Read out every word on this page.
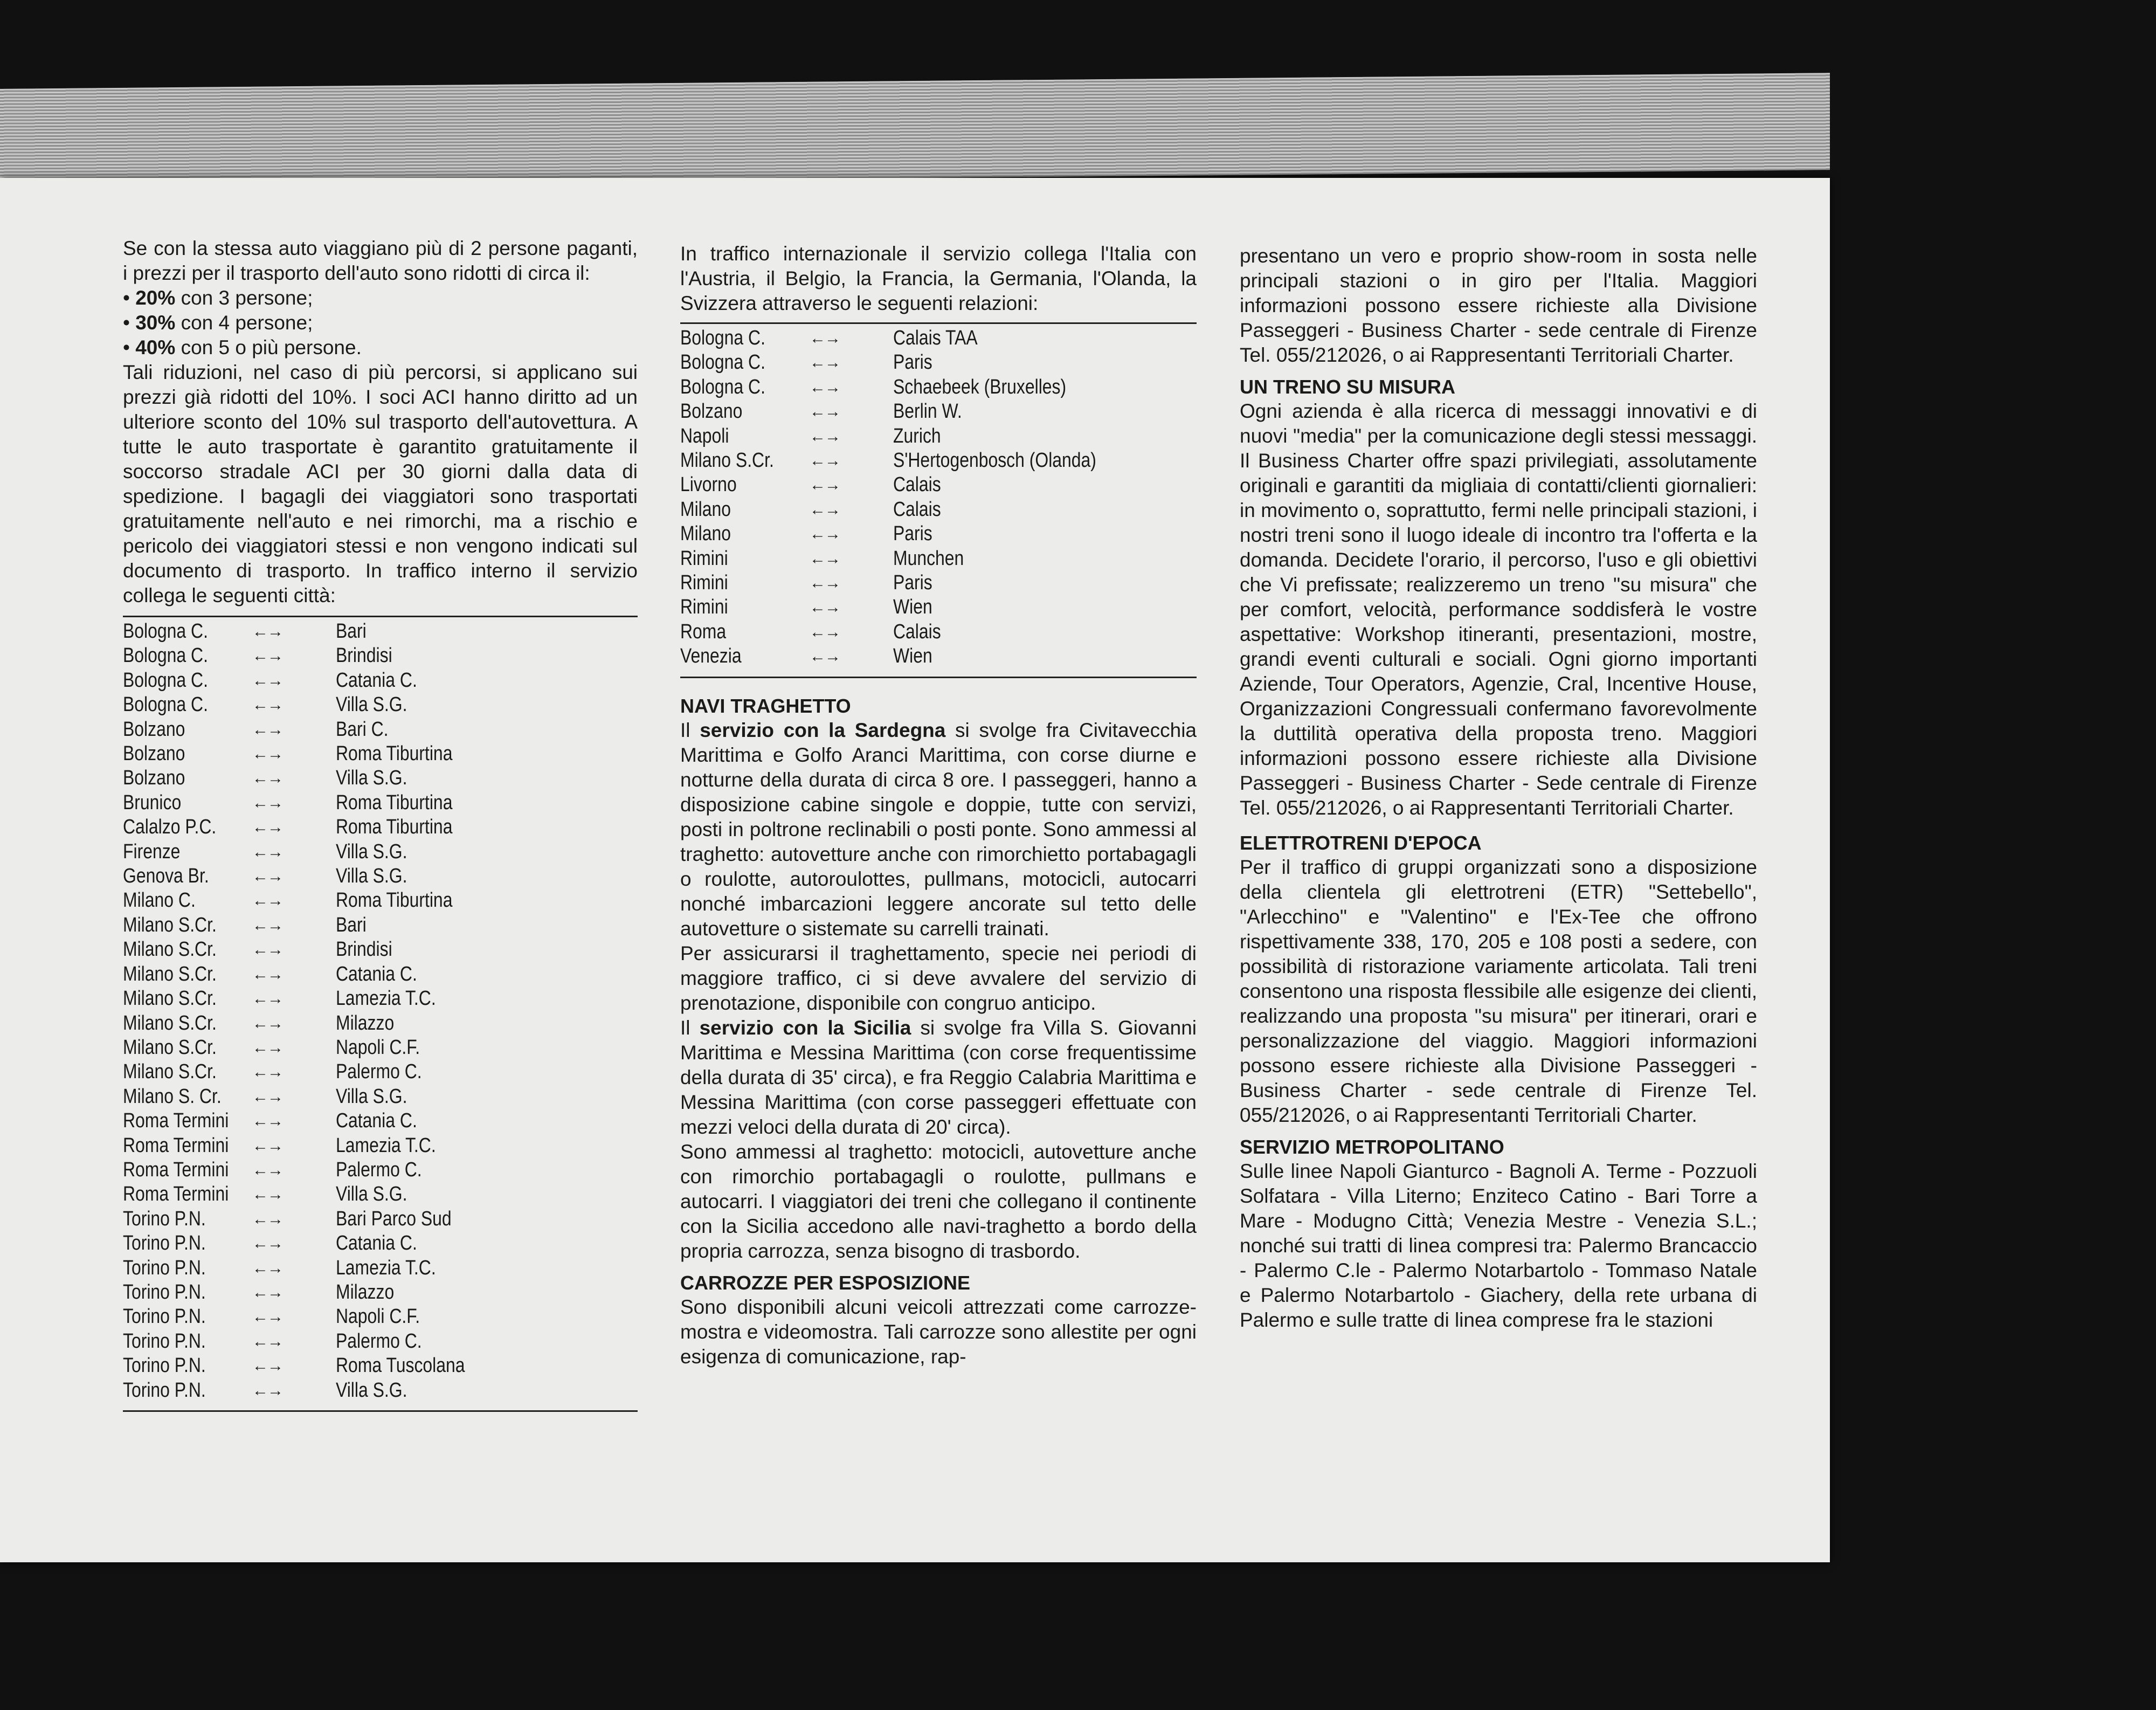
Se con la stessa auto viaggiano più di 2 persone paganti, i prezzi per il trasporto dell'auto sono ridotti di circa il:

• 20% con 3 persone;
• 30% con 4 persone;
• 40% con 5 o più persone.

Tali riduzioni, nel caso di più percorsi, si applicano sui prezzi già ridotti del 10%. I soci ACI hanno diritto ad un ulteriore sconto del 10% sul trasporto dell'autovettura. A tutte le auto trasportate è garantito gratuitamente il soccorso stradale ACI per 30 giorni dalla data di spedizione. I bagagli dei viaggiatori sono trasportati gratuitamente nell'auto e nei rimorchi, ma a rischio e pericolo dei viaggiatori stessi e non vengono indicati sul documento di trasporto. In traffico interno il servizio collega le seguenti città:

Bologna C.	←→	Bari
Bologna C.	←→	Brindisi
Bologna C.	←→	Catania C.
Bologna C.	←→	Villa S.G.
Bolzano	←→	Bari C.
Bolzano	←→	Roma Tiburtina
Bolzano	←→	Villa S.G.
Brunico	←→	Roma Tiburtina
Calalzo P.C.	←→	Roma Tiburtina
Firenze	←→	Villa S.G.
Genova Br.	←→	Villa S.G.
Milano C.	←→	Roma Tiburtina
Milano S.Cr.	←→	Bari
Milano S.Cr.	←→	Brindisi
Milano S.Cr.	←→	Catania C.
Milano S.Cr.	←→	Lamezia T.C.
Milano S.Cr.	←→	Milazzo
Milano S.Cr.	←→	Napoli C.F.
Milano S.Cr.	←→	Palermo C.
Milano S. Cr.	←→	Villa S.G.
Roma Termini	←→	Catania C.
Roma Termini	←→	Lamezia T.C.
Roma Termini	←→	Palermo C.
Roma Termini	←→	Villa S.G.
Torino P.N.	←→	Bari Parco Sud
Torino P.N.	←→	Catania C.
Torino P.N.	←→	Lamezia T.C.
Torino P.N.	←→	Milazzo
Torino P.N.	←→	Napoli C.F.
Torino P.N.	←→	Palermo C.
Torino P.N.	←→	Roma Tuscolana
Torino P.N.	←→	Villa S.G.

In traffico internazionale il servizio collega l'Italia con l'Austria, il Belgio, la Francia, la Germania, l'Olanda, la Svizzera attraverso le seguenti relazioni:

Bologna C.	←→	Calais TAA
Bologna C.	←→	Paris
Bologna C.	←→	Schaebeek (Bruxelles)
Bolzano	←→	Berlin W.
Napoli	←→	Zurich
Milano S.Cr.	←→	S'Hertogenbosch (Olanda)
Livorno	←→	Calais
Milano	←→	Calais
Milano	←→	Paris
Rimini	←→	Munchen
Rimini	←→	Paris
Rimini	←→	Wien
Roma	←→	Calais
Venezia	←→	Wien
NAVI TRAGHETTO

Il servizio con la Sardegna si svolge fra Civitavecchia Marittima e Golfo Aranci Marittima, con corse diurne e notturne della durata di circa 8 ore. I passeggeri, hanno a disposizione cabine singole e doppie, tutte con servizi, posti in poltrone reclinabili o posti ponte. Sono ammessi al traghetto: autovetture anche con rimorchietto portabagagli o roulotte, autoroulottes, pullmans, motocicli, autocarri nonché imbarcazioni leggere ancorate sul tetto delle autovetture o sistemate su carrelli trainati.

Per assicurarsi il traghettamento, specie nei periodi di maggiore traffico, ci si deve avvalere del servizio di prenotazione, disponibile con congruo anticipo.

Il servizio con la Sicilia si svolge fra Villa S. Giovanni Marittima e Messina Marittima (con corse frequentissime della durata di 35' circa), e fra Reggio Calabria Marittima e Messina Marittima (con corse passeggeri effettuate con mezzi veloci della durata di 20' circa).

Sono ammessi al traghetto: motocicli, autovetture anche con rimorchio portabagagli o roulotte, pullmans e autocarri. I viaggiatori dei treni che collegano il continente con la Sicilia accedono alle navi-traghetto a bordo della propria carrozza, senza bisogno di trasbordo.

CARROZZE PER ESPOSIZIONE

Sono disponibili alcuni veicoli attrezzati come carrozze-mostra e videomostra. Tali carrozze sono allestite per ogni esigenza di comunicazione, rap-

presentano un vero e proprio show-room in sosta nelle principali stazioni o in giro per l'Italia. Maggiori informazioni possono essere richieste alla Divisione Passeggeri - Business Charter - sede centrale di Firenze Tel. 055/212026, o ai Rappresentanti Territoriali Charter.

UN TRENO SU MISURA

Ogni azienda è alla ricerca di messaggi innovativi e di nuovi "media" per la comunicazione degli stessi messaggi. Il Business Charter offre spazi privilegiati, assolutamente originali e garantiti da migliaia di contatti/clienti giornalieri: in movimento o, soprattutto, fermi nelle principali stazioni, i nostri treni sono il luogo ideale di incontro tra l'offerta e la domanda. Decidete l'orario, il percorso, l'uso e gli obiettivi che Vi prefissate; realizzeremo un treno "su misura" che per comfort, velocità, performance soddisferà le vostre aspettative: Workshop itineranti, presentazioni, mostre, grandi eventi culturali e sociali. Ogni giorno importanti Aziende, Tour Operators, Agenzie, Cral, Incentive House, Organizzazioni Congressuali confermano favorevolmente la duttilità operativa della proposta treno. Maggiori informazioni possono essere richieste alla Divisione Passeggeri - Business Charter - Sede centrale di Firenze Tel. 055/212026, o ai Rappresentanti Territoriali Charter.

ELETTROTRENI D'EPOCA

Per il traffico di gruppi organizzati sono a disposizione della clientela gli elettrotreni (ETR) "Settebello", "Arlecchino" e "Valentino" e l'Ex-Tee che offrono rispettivamente 338, 170, 205 e 108 posti a sedere, con possibilità di ristorazione variamente articolata. Tali treni consentono una risposta flessibile alle esigenze dei clienti, realizzando una proposta "su misura" per itinerari, orari e personalizzazione del viaggio. Maggiori informazioni possono essere richieste alla Divisione Passeggeri - Business Charter - sede centrale di Firenze Tel. 055/212026, o ai Rappresentanti Territoriali Charter.

SERVIZIO METROPOLITANO

Sulle linee Napoli Gianturco - Bagnoli A. Terme - Pozzuoli Solfatara - Villa Literno; Enziteco Catino - Bari Torre a Mare - Modugno Città; Venezia Mestre - Venezia S.L.; nonché sui tratti di linea compresi tra: Palermo Brancaccio - Palermo C.le - Palermo Notarbartolo - Tommaso Natale e Palermo Notarbartolo - Giachery, della rete urbana di Palermo e sulle tratte di linea comprese fra le stazioni

XVII
